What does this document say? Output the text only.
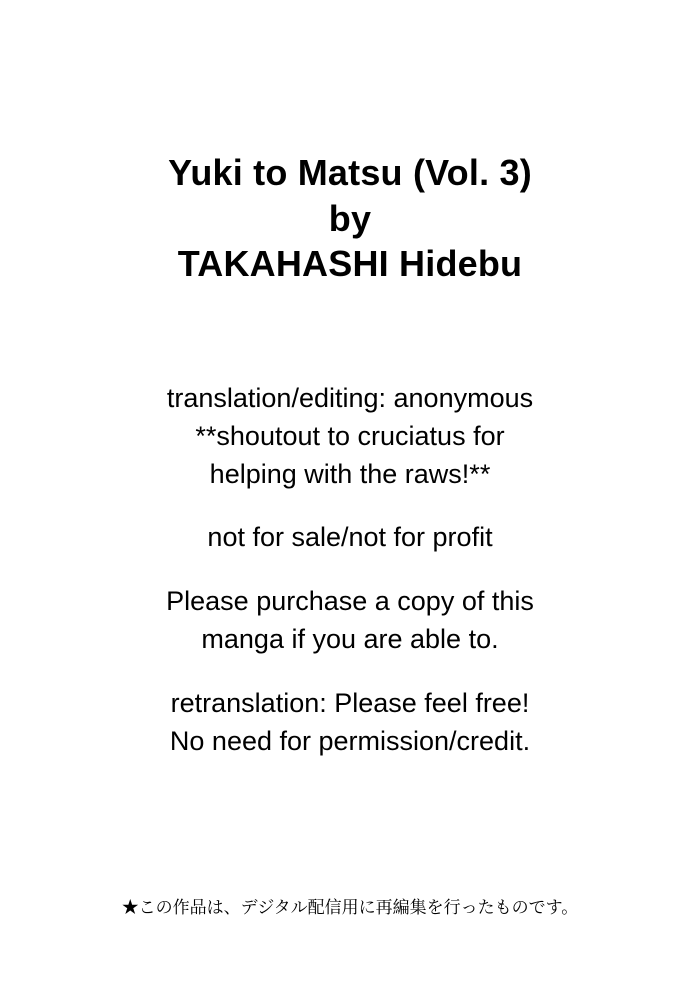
Yuki to Matsu (Vol. 3)
by
TAKAHASHI Hidebu
translation/editing: anonymous
**shoutout to cruciatus for
helping with the raws!**
not for sale/not for profit
Please purchase a copy of this
manga if you are able to.
retranslation: Please feel free!
No need for permission/credit.
★この作品は、デジタル配信用に再編集を行ったものです。
